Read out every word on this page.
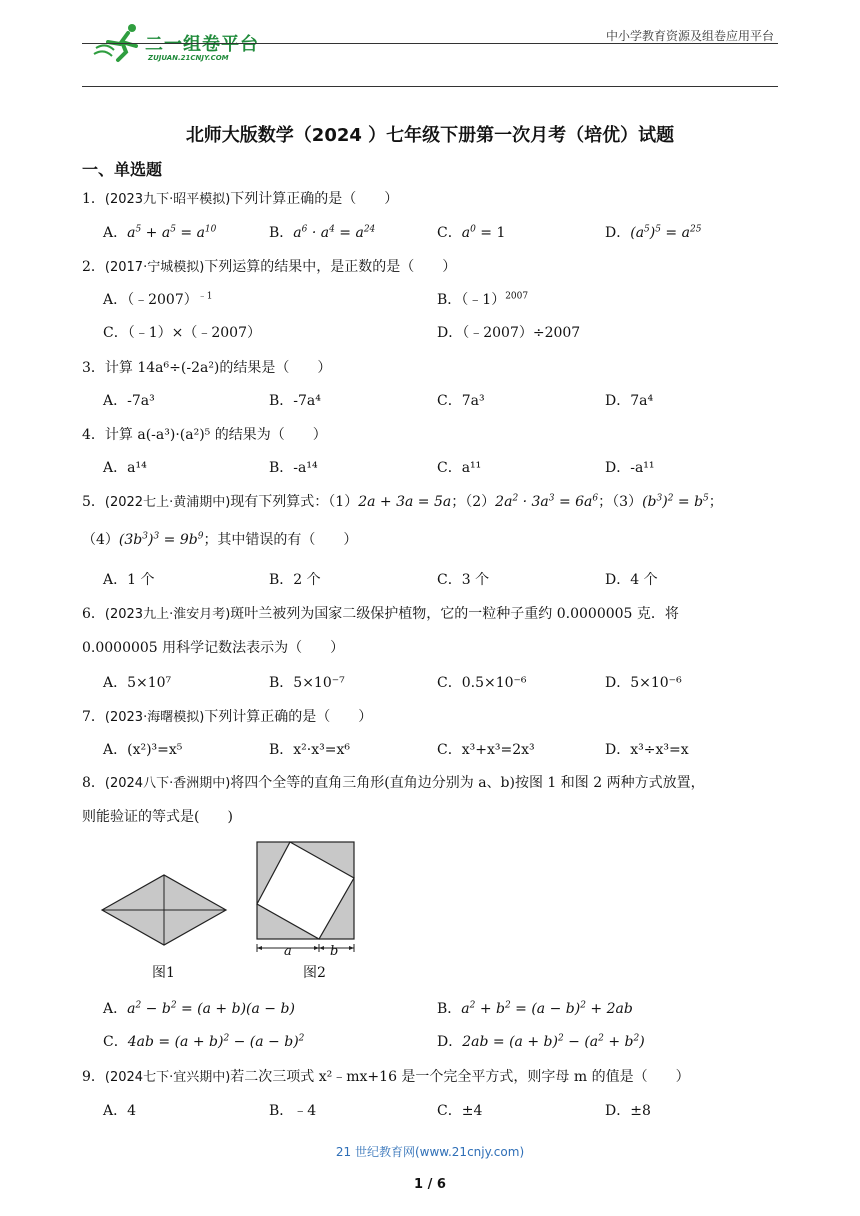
二一组卷平台
ZUJUAN.21CNJY.COM
中小学教育资源及组卷应用平台
北师大版数学（2024 ）七年级下册第一次月考（培优）试题
一、单选题
1．(2023九下·昭平模拟)下列计算正确的是（　　）
A．$a^5 + a^5 = a^{10}$	B．$a^6 \cdot a^4 = a^{24}$	C．$a^0 = 1$	D．$(a^5)^5 = a^{25}$
2．(2017·宁城模拟)下列运算的结果中，是正数的是（　　）
A．（﹣2007）$^{﹣1}$	B．（﹣1）$^{2007}$
C．（﹣1）×（﹣2007）	D．（﹣2007）÷2007
3．计算 14a⁶÷(-2a²)的结果是（　　）
A．-7a³	B．-7a⁴	C．7a³	D．7a⁴
4．计算 a(-a³)·(a²)⁵ 的结果为（　　）
A．a¹⁴	B．-a¹⁴	C．a¹¹	D．-a¹¹
5．(2022七上·黄浦期中)现有下列算式：（1）2a + 3a = 5a；$(2)2a^2 \cdot 3a^3 = 6a^6$；$(3)(b^3)^2 = b^5$；
$(4)(3b^3)^3 = 9b^9$；其中错误的有（　　）
A．1 个	B．2 个	C．3 个	D．4 个
6．(2023九上·淮安月考)斑叶兰被列为国家二级保护植物，它的一粒种子重约 0.0000005 克．将
0.0000005 用科学记数法表示为（　　）
A．5×10⁷	B．5×10⁻⁷	C．0.5×10⁻⁶	D．5×10⁻⁶
7．(2023·海曙模拟)下列计算正确的是（　　）
A．(x²)³=x⁵	B．x²·x³=x⁶	C．x³+x³=2x³	D．x³÷x³=x
8．(2024八下·香洲期中)将四个全等的直角三角形(直角边分别为 a、b)按图 1 和图 2 两种方式放置，
则能验证的等式是(　　)
图1
a	b
图2
A．$a^2 - b^2 = (a + b)(a - b)$	B．$a^2 + b^2 = (a - b)^2 + 2ab$
C．$4ab = (a + b)^2 - (a - b)^2$	D．$2ab = (a + b)^2 - (a^2 + b^2)$
9．(2024七下·宜兴期中)若二次三项式 x²﹣mx+16 是一个完全平方式，则字母 m 的值是（　　）
A．4	B．﹣4	C．±4	D．±8
21 世纪教育网(www.21cnjy.com)
1 / 6
